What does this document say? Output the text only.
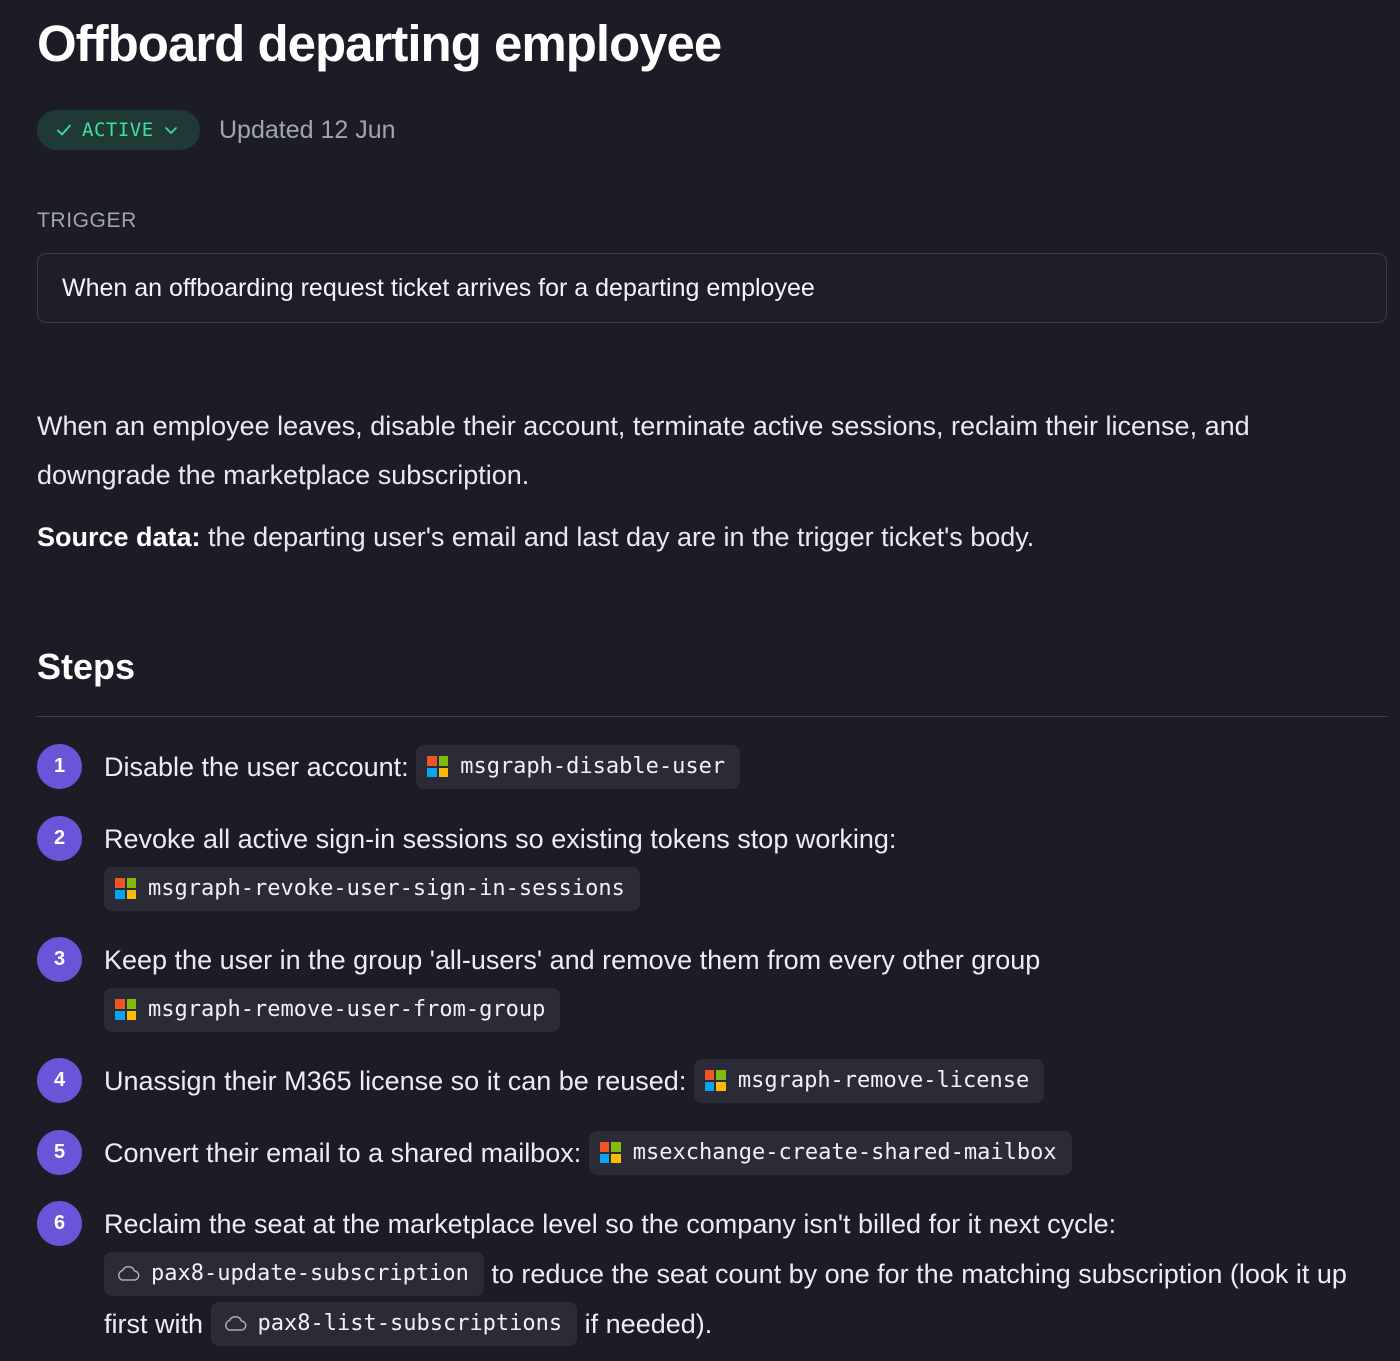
Offboard departing employee
ACTIVE	Updated 12 Jun
TRIGGER
When an offboarding request ticket arrives for a departing employee

When an employee leaves, disable their account, terminate active sessions, reclaim their license, and downgrade the marketplace subscription.

Source data: the departing user's email and last day are in the trigger ticket's body.
Steps
1	Disable the user account: msgraph-disable-user
2	Revoke all active sign-in sessions so existing tokens stop working:
msgraph-revoke-user-sign-in-sessions
3	Keep the user in the group 'all-users' and remove them from every other group
msgraph-remove-user-from-group
4	Unassign their M365 license so it can be reused: msgraph-remove-license
5	Convert their email to a shared mailbox: msexchange-create-shared-mailbox
6	Reclaim the seat at the marketplace level so the company isn't billed for it next cycle:
pax8-update-subscription to reduce the seat count by one for the matching subscription (look it up first with pax8-list-subscriptions if needed).
